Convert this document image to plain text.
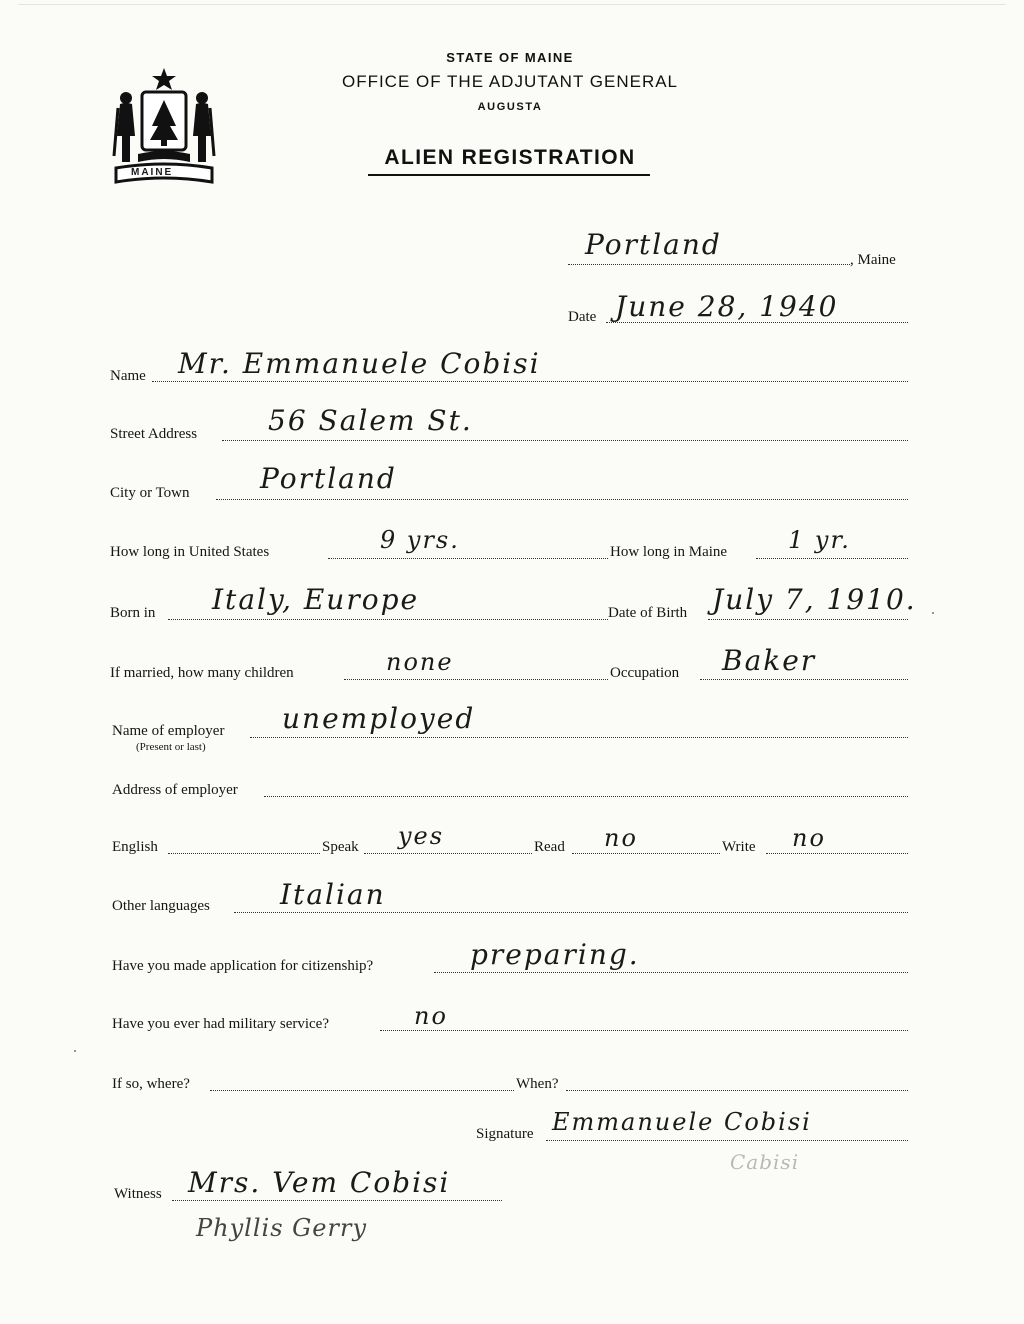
MAINE
STATE OF MAINE
OFFICE OF THE ADJUTANT GENERAL
AUGUSTA
ALIEN REGISTRATION
Portland	, Maine
Date June 28, 1940
Name Mr. Emmanuele Cobisi
Street Address	56 Salem St.
City or Town	Portland
How long in United States	9 yrs.	How long in Maine	1 yr.
Born in Italy, Europe	Date of Birth July 7, 1910.
If married, how many children	none	Occupation Baker
Name of employer
(Present or last)
unemployed
Address of employer
English	Speak yes	Read no	Write no
Other languages	Italian
Have you made application for citizenship?	preparing.
Have you ever had military service?	no
If so, where?	When?
Signature Emmanuele Cobisi
Cabisi
Witness Mrs. Vem Cobisi
Phyllis Gerry
